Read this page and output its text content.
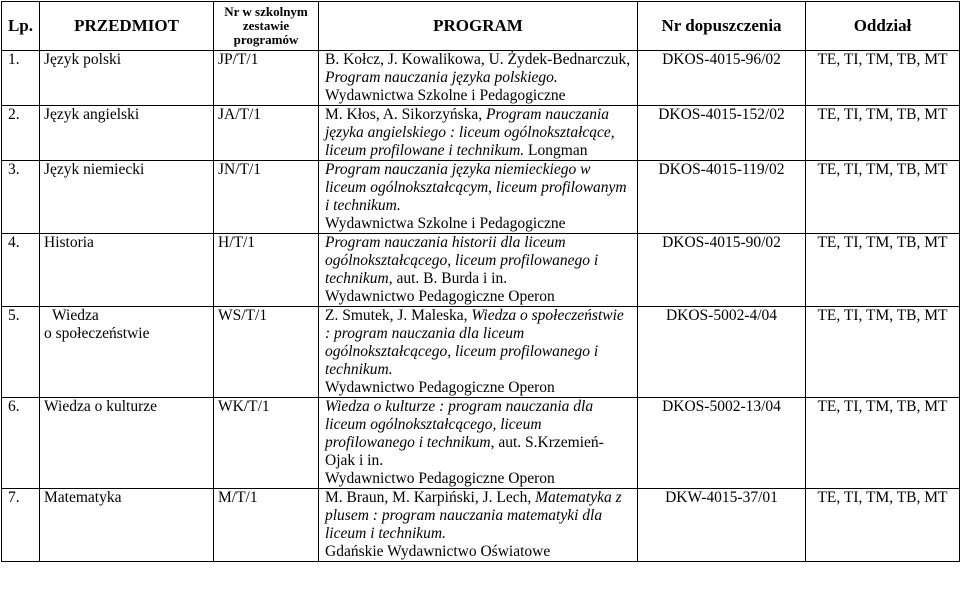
Lp.	PRZEDMIOT	Nr w szkolnym zestawie programów	PROGRAM	Nr dopuszczenia	Oddział
1.	Język polski	JP/T/1	B. Kołcz, J. Kowalikowa, U. Żydek-Bednarczuk, Program nauczania języka polskiego.
Wydawnictwa Szkolne i Pedagogiczne	DKOS-4015-96/02	TE, TI, TM, TB, MT
2.	Język angielski	JA/T/1	M. Kłos, A. Sikorzyńska, Program nauczania języka angielskiego : liceum ogólnokształcące, liceum profilowane i technikum. Longman	DKOS-4015-152/02	TE, TI, TM, TB, MT
3.	Język niemiecki	JN/T/1	Program nauczania języka niemieckiego w liceum ogólnokształcącym, liceum profilowanym i technikum.
Wydawnictwa Szkolne i Pedagogiczne	DKOS-4015-119/02	TE, TI, TM, TB, MT
4.	Historia	H/T/1	Program nauczania historii dla liceum ogólnokształcącego, liceum profilowanego i technikum, aut. B. Burda i in.
Wydawnictwo Pedagogiczne Operon	DKOS-4015-90/02	TE, TI, TM, TB, MT
5.	Wiedza
o społeczeństwie	WS/T/1	Z. Smutek, J. Maleska, Wiedza o społeczeństwie : program nauczania dla liceum ogólnokształcącego, liceum profilowanego i technikum.
Wydawnictwo Pedagogiczne Operon	DKOS-5002-4/04	TE, TI, TM, TB, MT
6.	Wiedza o kulturze	WK/T/1	Wiedza o kulturze : program nauczania dla liceum ogólnokształcącego, liceum profilowanego i technikum, aut. S.Krzemień-Ojak i in.
Wydawnictwo Pedagogiczne Operon	DKOS-5002-13/04	TE, TI, TM, TB, MT
7.	Matematyka	M/T/1	M. Braun, M. Karpiński, J. Lech, Matematyka z plusem : program nauczania matematyki dla liceum i technikum.
Gdańskie Wydawnictwo Oświatowe	DKW-4015-37/01	TE, TI, TM, TB, MT
